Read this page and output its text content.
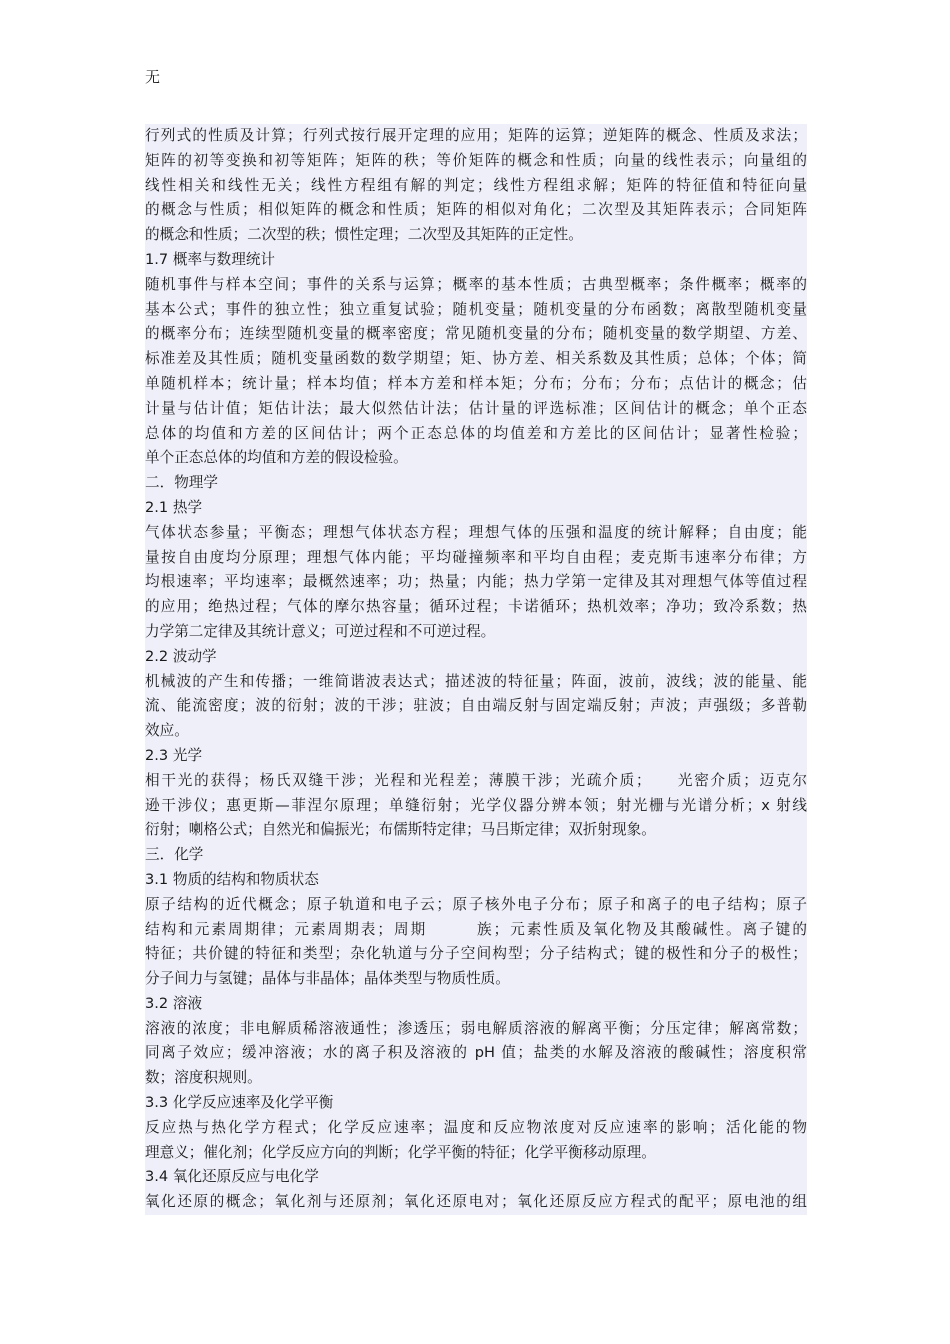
无
行列式的性质及计算；行列式按行展开定理的应用；矩阵的运算；逆矩阵的概念、性质及求法；
矩阵的初等变换和初等矩阵；矩阵的秩；等价矩阵的概念和性质；向量的线性表示；向量组的
线性相关和线性无关；线性方程组有解的判定；线性方程组求解；矩阵的特征值和特征向量
的概念与性质；相似矩阵的概念和性质；矩阵的相似对角化；二次型及其矩阵表示；合同矩阵
的概念和性质；二次型的秩；惯性定理；二次型及其矩阵的正定性。
1.7 概率与数理统计
随机事件与样本空间；事件的关系与运算；概率的基本性质；古典型概率；条件概率；概率的
基本公式；事件的独立性；独立重复试验；随机变量；随机变量的分布函数；离散型随机变量
的概率分布；连续型随机变量的概率密度；常见随机变量的分布；随机变量的数学期望、方差、
标准差及其性质；随机变量函数的数学期望；矩、协方差、相关系数及其性质；总体；个体；简
单随机样本；统计量；样本均值；样本方差和样本矩；分布；分布；分布；点估计的概念；估
计量与估计值；矩估计法；最大似然估计法；估计量的评选标准；区间估计的概念；单个正态
总体的均值和方差的区间估计；两个正态总体的均值差和方差比的区间估计；显著性检验；
单个正态总体的均值和方差的假设检验。
二．物理学
2.1 热学
气体状态参量；平衡态；理想气体状态方程；理想气体的压强和温度的统计解释；自由度；能
量按自由度均分原理；理想气体内能；平均碰撞频率和平均自由程；麦克斯韦速率分布律；方
均根速率；平均速率；最概然速率；功；热量；内能；热力学第一定律及其对理想气体等值过程
的应用；绝热过程；气体的摩尔热容量；循环过程；卡诺循环；热机效率；净功；致冷系数；热
力学第二定律及其统计意义；可逆过程和不可逆过程。
2.2 波动学
机械波的产生和传播；一维简谐波表达式；描述波的特征量；阵面，波前，波线；波的能量、能
流、能流密度；波的衍射；波的干涉；驻波；自由端反射与固定端反射；声波；声强级；多普勒
效应。
2.3 光学
相干光的获得；杨氏双缝干涉；光程和光程差；薄膜干涉；光疏介质；　　光密介质；迈克尔
逊干涉仪；惠更斯—菲涅尔原理；单缝衍射；光学仪器分辨本领；射光栅与光谱分析；x 射线
衍射；喇格公式；自然光和偏振光；布儒斯特定律；马吕斯定律；双折射现象。
三．化学
3.1 物质的结构和物质状态
原子结构的近代概念；原子轨道和电子云；原子核外电子分布；原子和离子的电子结构；原子
结构和元素周期律；元素周期表；周期　　　族；元素性质及氧化物及其酸碱性。离子键的
特征；共价键的特征和类型；杂化轨道与分子空间构型；分子结构式；键的极性和分子的极性；
分子间力与氢键；晶体与非晶体；晶体类型与物质性质。
3.2 溶液
溶液的浓度；非电解质稀溶液通性；渗透压；弱电解质溶液的解离平衡；分压定律；解离常数；
同离子效应；缓冲溶液；水的离子积及溶液的 pH 值；盐类的水解及溶液的酸碱性；溶度积常
数；溶度积规则。
3.3 化学反应速率及化学平衡
反应热与热化学方程式；化学反应速率；温度和反应物浓度对反应速率的影响；活化能的物
理意义；催化剂；化学反应方向的判断；化学平衡的特征；化学平衡移动原理。
3.4 氧化还原反应与电化学
氧化还原的概念；氧化剂与还原剂；氧化还原电对；氧化还原反应方程式的配平；原电池的组
